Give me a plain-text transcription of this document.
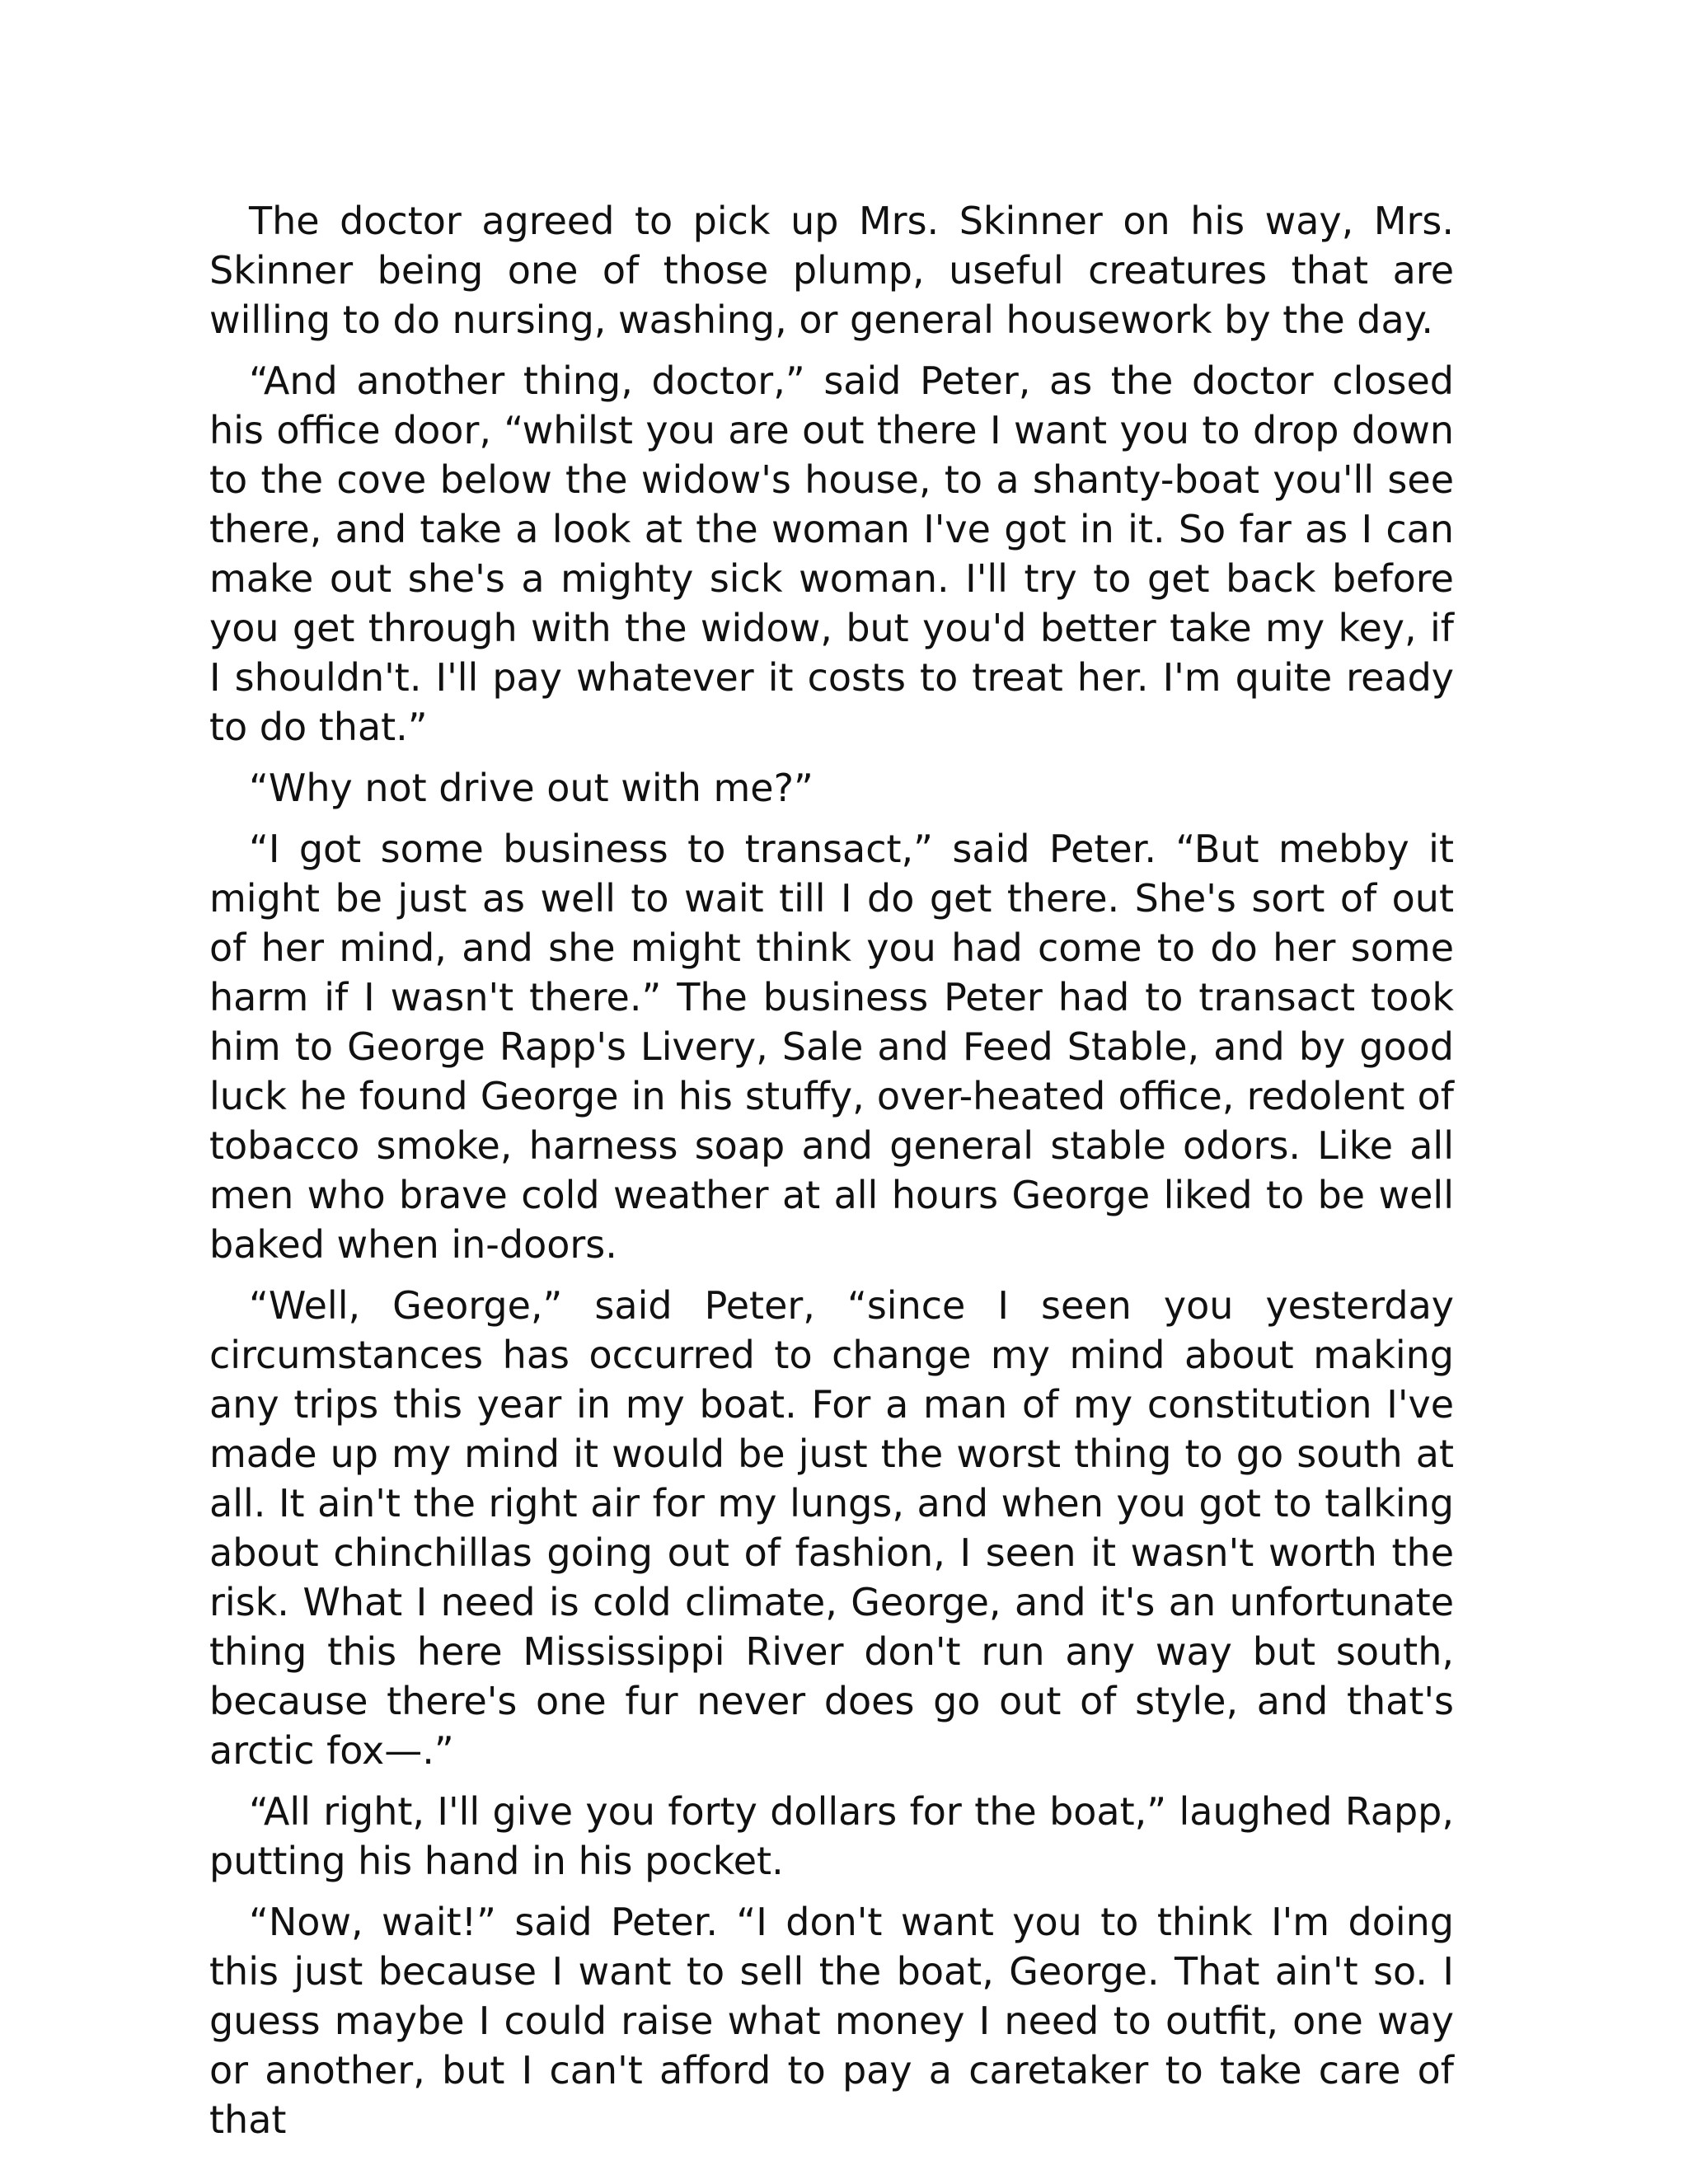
The doctor agreed to pick up Mrs. Skinner on his way, Mrs. Skinner being one of those plump, useful creatures that are willing to do nursing, washing, or general housework by the day.

“And another thing, doctor,” said Peter, as the doctor closed his office door, “whilst you are out there I want you to drop down to the cove below the widow's house, to a shanty-boat you'll see there, and take a look at the woman I've got in it. So far as I can make out she's a mighty sick woman. I'll try to get back before you get through with the widow, but you'd better take my key, if I shouldn't. I'll pay whatever it costs to treat her. I'm quite ready to do that.”

“Why not drive out with me?”

“I got some business to transact,” said Peter. “But mebby it might be just as well to wait till I do get there. She's sort of out of her mind, and she might think you had come to do her some harm if I wasn't there.” The business Peter had to transact took him to George Rapp's Livery, Sale and Feed Stable, and by good luck he found George in his stuffy, over-heated office, redolent of tobacco smoke, harness soap and general stable odors. Like all men who brave cold weather at all hours George liked to be well baked when in-doors.

“Well, George,” said Peter, “since I seen you yesterday circumstances has occurred to change my mind about making any trips this year in my boat. For a man of my constitution I've made up my mind it would be just the worst thing to go south at all. It ain't the right air for my lungs, and when you got to talking about chinchillas going out of fashion, I seen it wasn't worth the risk. What I need is cold climate, George, and it's an unfortunate thing this here Mississippi River don't run any way but south, because there's one fur never does go out of style, and that's arctic fox—.”

“All right, I'll give you forty dollars for the boat,” laughed Rapp, putting his hand in his pocket.

“Now, wait!” said Peter. “I don't want you to think I'm doing this just because I want to sell the boat, George. That ain't so. I guess maybe I could raise what money I need to outfit, one way or another, but I can't afford to pay a caretaker to take care of that
